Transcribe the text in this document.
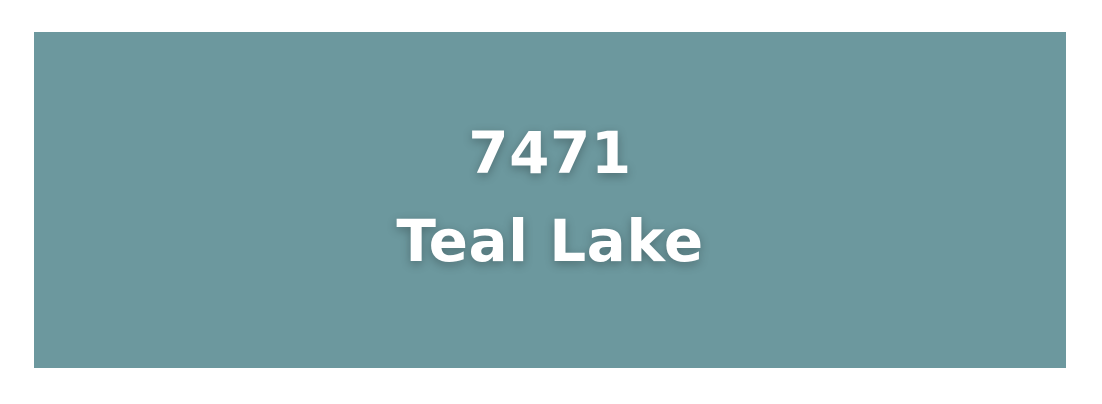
7471
Teal Lake
